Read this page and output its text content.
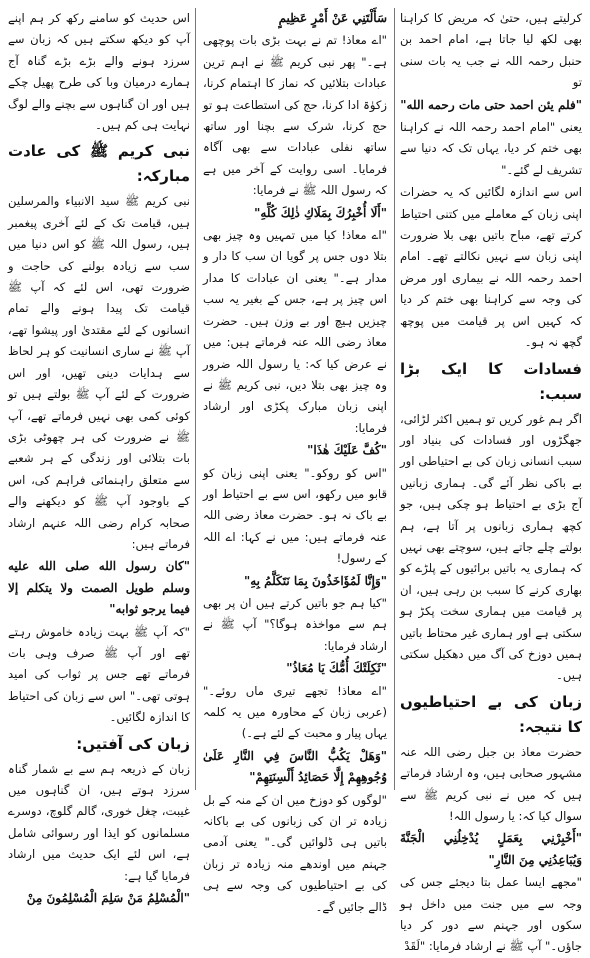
کرلیتے ہیں، حتیٰ کہ مریض کا کراہنا بھی لکھ لیا جاتا ہے، امام احمد بن حنبل رحمہ اللہ نے جب یہ بات سنی تو

"فلم يئن احمد حتى مات رحمه الله"

یعنی "امام احمد رحمہ اللہ نے کراہنا بھی ختم کر دیا، یہاں تک کہ دنیا سے تشریف لے گئے۔"

اس سے اندازہ لگائیں کہ یہ حضرات اپنی زبان کے معاملے میں کتنی احتیاط کرتے تھے، مباح باتیں بھی بلا ضرورت اپنی زبان سے نہیں نکالتے تھے۔ امام احمد رحمہ اللہ نے بیماری اور مرض کی وجہ سے کراہنا بھی ختم کر دیا کہ کہیں اس پر قیامت میں پوچھ گچھ نہ ہو۔

فسادات کا ایک بڑا سبب:

اگر ہم غور کریں تو ہمیں اکثر لڑائی، جھگڑوں اور فسادات کی بنیاد اور سبب انسانی زبان کی بے احتیاطی اور بے باکی نظر آئے گی۔ ہماری زبانیں آج بڑی بے احتیاط ہو چکی ہیں، جو کچھ ہماری زبانوں پر آتا ہے، ہم بولتے چلے جاتے ہیں، سوچتے بھی نہیں کہ ہماری یہ باتیں برائیوں کے پلڑے کو بھاری کرنے کا سبب بن رہی ہیں، ان پر قیامت میں ہماری سخت پکڑ ہو سکتی ہے اور ہماری غیر محتاط باتیں ہمیں دوزخ کی آگ میں دھکیل سکتی ہیں۔

زبان کی بے احتیاطیوں کا نتیجہ:

حضرت معاذ بن جبل رضی اللہ عنہ مشہور صحابی ہیں، وہ ارشاد فرماتے ہیں کہ میں نے نبی کریم ﷺ سے سوال کیا کہ: یا رسول اللہ!

"أَخْبِرْنِي بِعَمَلٍ يُدْخِلُنِي الْجَنَّةَ وَيُبَاعِدُنِي مِنَ النَّارِ"

"مجھے ایسا عمل بتا دیجئے جس کی وجہ سے میں جنت میں داخل ہو سکوں اور جہنم سے دور کر دیا جاؤں۔" آپ ﷺ نے ارشاد فرمایا: "لَقَدْ

سَأَلْتَنِي عَنْ أَمْرٍ عَظِيمٍ

"اے معاذ! تم نے بہت بڑی بات پوچھی ہے۔" پھر نبی کریم ﷺ نے اہم ترین عبادات بتلائیں کہ نماز کا اہتمام کرنا، زکوٰۃ ادا کرنا، حج کی استطاعت ہو تو حج کرنا، شرک سے بچنا اور ساتھ ساتھ نفلی عبادات سے بھی آگاہ فرمایا۔ اسی روایت کے آخر میں ہے کہ رسول اللہ ﷺ نے فرمایا:

"أَلَا أُخْبِرُكَ بِمَلَاكِ ذٰلِكَ كُلِّهِ"

"اے معاذ! کیا میں تمہیں وہ چیز بھی بتلا دوں جس پر گویا ان سب کا دار و مدار ہے۔" یعنی ان عبادات کا مدار اس چیز پر ہے، جس کے بغیر یہ سب چیزیں ہیچ اور بے وزن ہیں۔ حضرت معاذ رضی اللہ عنہ فرماتے ہیں: میں نے عرض کیا کہ: یا رسول اللہ ضرور وہ چیز بھی بتلا دیں، نبی کریم ﷺ نے اپنی زبان مبارک پکڑی اور ارشاد فرمایا:

"كُفَّ عَلَيْكَ هٰذَا"

"اس کو روکو۔" یعنی اپنی زبان کو قابو میں رکھو، اس سے بے احتیاط اور بے باک نہ ہو۔ حضرت معاذ رضی اللہ عنہ فرماتے ہیں: میں نے کہا: اے اللہ کے رسول!

"وَإِنَّا لَمُؤَاخَذُونَ بِمَا نَتَكَلَّمُ بِهِ"

"کیا ہم جو باتیں کرتے ہیں ان پر بھی ہم سے مواخذہ ہوگا؟" آپ ﷺ نے ارشاد فرمایا:

"ثَكِلَتْكَ أُمُّكَ يَا مُعَاذُ"

"اے معاذ! تجھے تیری ماں روئے۔" (عربی زبان کے محاورہ میں یہ کلمہ یہاں پیار و محبت کے لئے ہے۔)

"وَهَلْ يَكُبُّ النَّاسَ فِي النَّارِ عَلَىٰ وُجُوهِهِمْ إِلَّا حَصَائِدُ أَلْسِنَتِهِمْ"

"لوگوں کو دوزخ میں ان کے منہ کے بل زیادہ تر ان کی زبانوں کی بے باکانہ باتیں ہی ڈلوائیں گی۔" یعنی آدمی جہنم میں اوندھے منہ زیادہ تر زبان کی بے احتیاطیوں کی وجہ سے ہی ڈالے جائیں گے۔

اس حدیث کو سامنے رکھ کر ہم اپنے آپ کو دیکھ سکتے ہیں کہ زبان سے سرزد ہونے والے بڑے بڑے گناہ آج ہمارے درمیان وبا کی طرح پھیل چکے ہیں اور ان گناہوں سے بچنے والے لوگ نہایت ہی کم ہیں۔

نبی کریم ﷺ کی عادت مبارکہ:

نبی کریم ﷺ سید الانبیاء والمرسلین ہیں، قیامت تک کے لئے آخری پیغمبر ہیں، رسول اللہ ﷺ کو اس دنیا میں سب سے زیادہ بولنے کی حاجت و ضرورت تھی، اس لئے کہ آپ ﷺ قیامت تک پیدا ہونے والے تمام انسانوں کے لئے مقتدیٰ اور پیشوا تھے، آپ ﷺ نے ساری انسانیت کو ہر لحاظ سے ہدایات دینی تھیں، اور اس ضرورت کے لئے آپ ﷺ بولتے ہیں تو کوئی کمی بھی نہیں فرماتے تھے، آپ ﷺ نے ضرورت کی ہر چھوٹی بڑی بات بتلائی اور زندگی کے ہر شعبے سے متعلق راہنمائی فراہم کی، اس کے باوجود آپ ﷺ کو دیکھنے والے صحابہ کرام رضی اللہ عنہم ارشاد فرماتے ہیں:

"كان رسول الله صلى الله عليه وسلم طويل الصمت ولا يتكلم إلا فيما يرجو ثوابه"

"کہ آپ ﷺ بہت زیادہ خاموش رہتے تھے اور آپ ﷺ صرف وہی بات فرماتے تھے جس پر ثواب کی امید ہوتی تھی۔" اس سے زبان کی احتیاط کا اندازہ لگائیں۔

زبان کی آفتیں:

زبان کے ذریعہ ہم سے بے شمار گناہ سرزد ہوتے ہیں، ان گناہوں میں غیبت، چغل خوری، گالم گلوچ، دوسرے مسلمانوں کو ایذا اور رسوائی شامل ہے، اس لئے ایک حدیث میں ارشاد فرمایا گیا ہے:

"الْمُسْلِمُ مَنْ سَلِمَ الْمُسْلِمُونَ مِنْ
